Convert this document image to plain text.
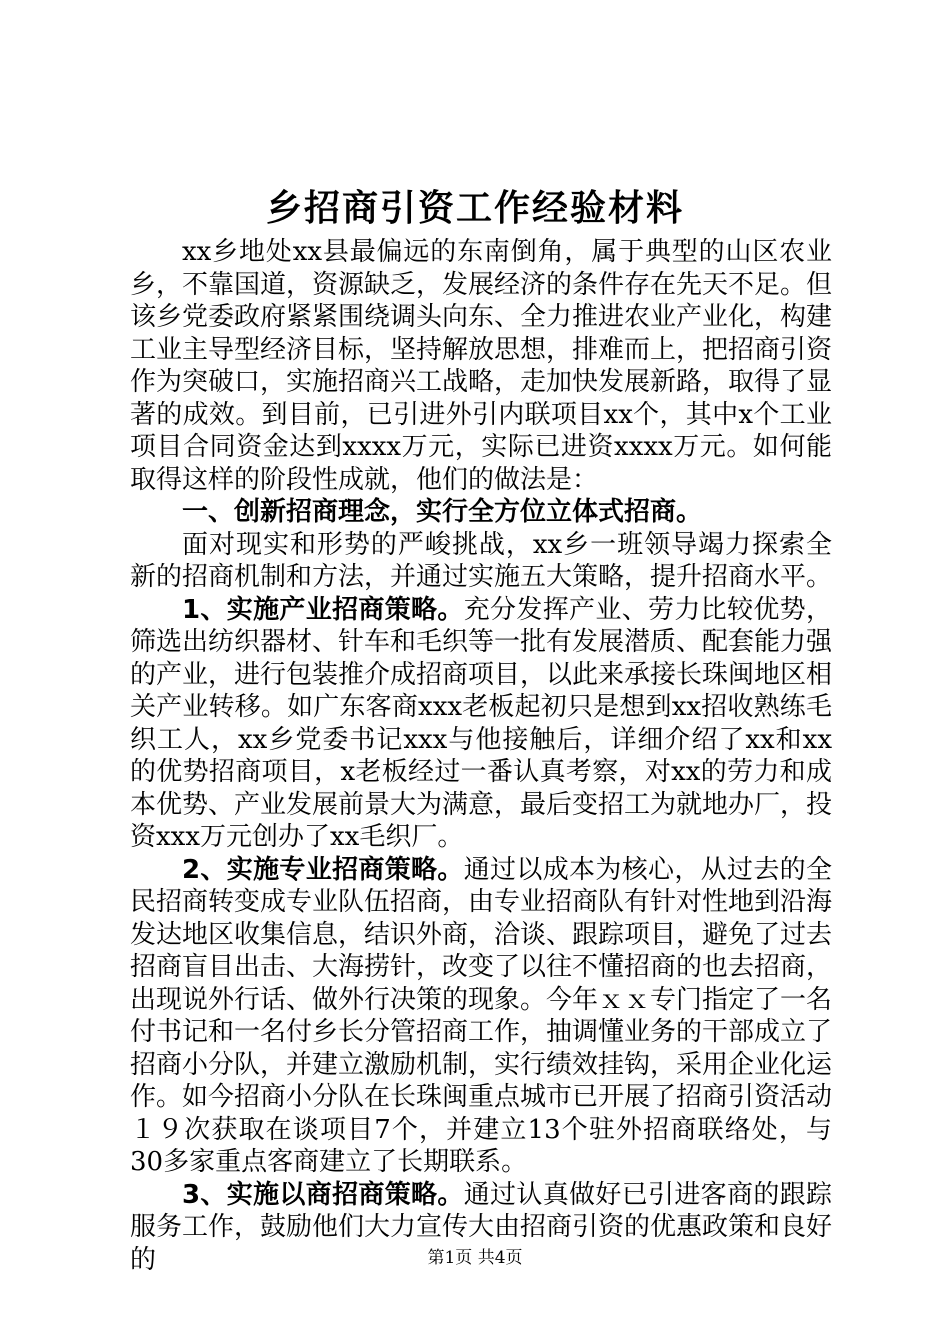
乡招商引资工作经验材料

xx乡地处xx县最偏远的东南倒角，属于典型的山区农业乡，不靠国道，资源缺乏，发展经济的条件存在先天不足。但该乡党委政府紧紧围绕调头向东、全力推进农业产业化，构建工业主导型经济目标，坚持解放思想，排难而上，把招商引资作为突破口，实施招商兴工战略，走加快发展新路，取得了显著的成效。到目前，已引进外引内联项目xx个，其中x个工业项目合同资金达到xxxx万元，实际已进资xxxx万元。如何能取得这样的阶段性成就，他们的做法是：

一、创新招商理念，实行全方位立体式招商。

面对现实和形势的严峻挑战，xx乡一班领导竭力探索全新的招商机制和方法，并通过实施五大策略，提升招商水平。

1、实施产业招商策略。充分发挥产业、劳力比较优势，筛选出纺织器材、针车和毛织等一批有发展潜质、配套能力强的产业，进行包装推介成招商项目，以此来承接长珠闽地区相关产业转移。如广东客商xxx老板起初只是想到xx招收熟练毛织工人，xx乡党委书记xxx与他接触后，详细介绍了xx和xx的优势招商项目，x老板经过一番认真考察，对xx的劳力和成本优势、产业发展前景大为满意，最后变招工为就地办厂，投资xxx万元创办了xx毛织厂。

2、实施专业招商策略。通过以成本为核心，从过去的全民招商转变成专业队伍招商，由专业招商队有针对性地到沿海发达地区收集信息，结识外商，洽谈、跟踪项目，避免了过去招商盲目出击、大海捞针，改变了以往不懂招商的也去招商，出现说外行话、做外行决策的现象。今年ｘｘ专门指定了一名付书记和一名付乡长分管招商工作，抽调懂业务的干部成立了招商小分队，并建立激励机制，实行绩效挂钩，采用企业化运作。如今招商小分队在长珠闽重点城市已开展了招商引资活动１９次获取在谈项目7个，并建立13个驻外招商联络处，与30多家重点客商建立了长期联系。

3、实施以商招商策略。通过认真做好已引进客商的跟踪服务工作，鼓励他们大力宣传大由招商引资的优惠政策和良好的	第1页 共4页
